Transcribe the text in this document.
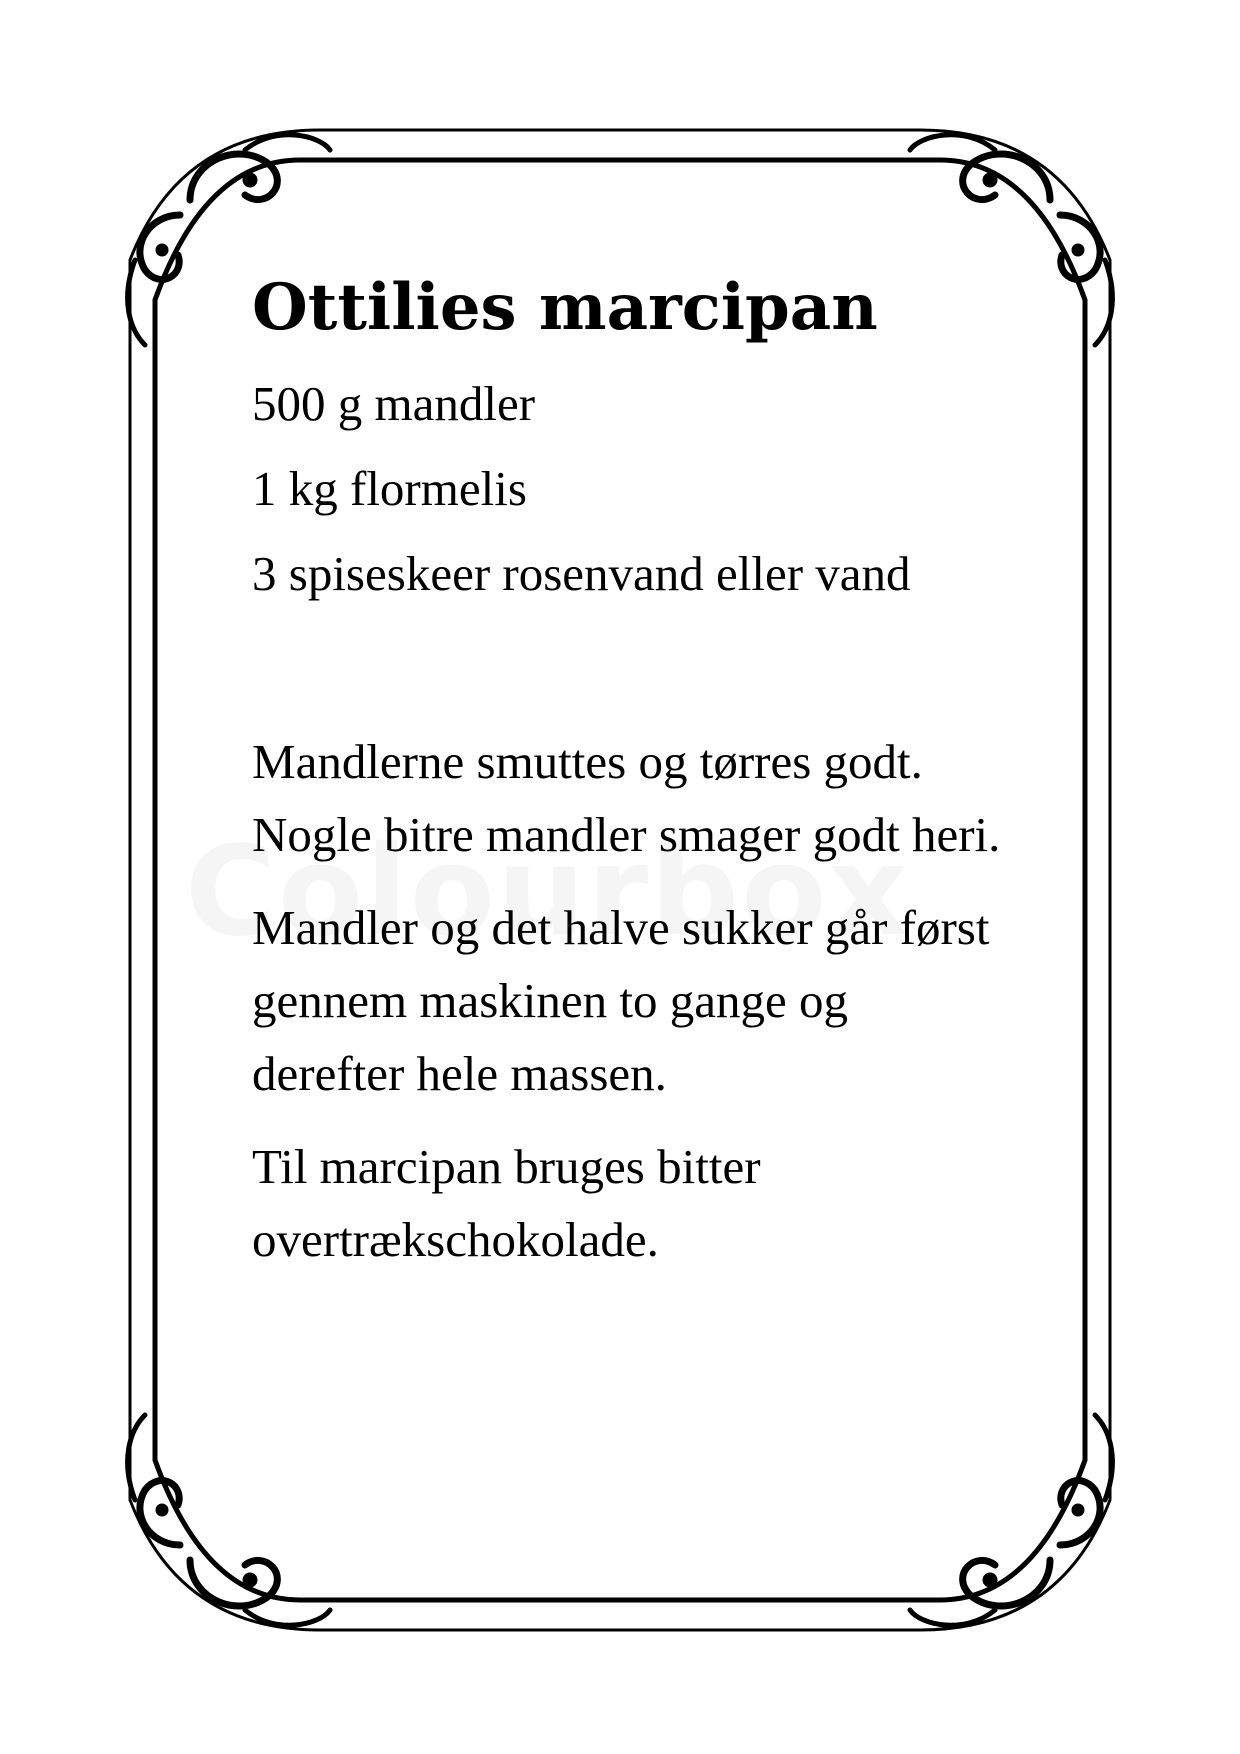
Ottilies marcipan
500 g mandler
1 kg flormelis
3 spiseskeer rosenvand eller vand

Mandlerne smuttes og tørres godt. Nogle bitre mandler smager godt heri.

Mandler og det halve sukker går først gennem maskinen to gange og derefter hele massen.

Til marcipan bruges bitter overtrækschokolade.
